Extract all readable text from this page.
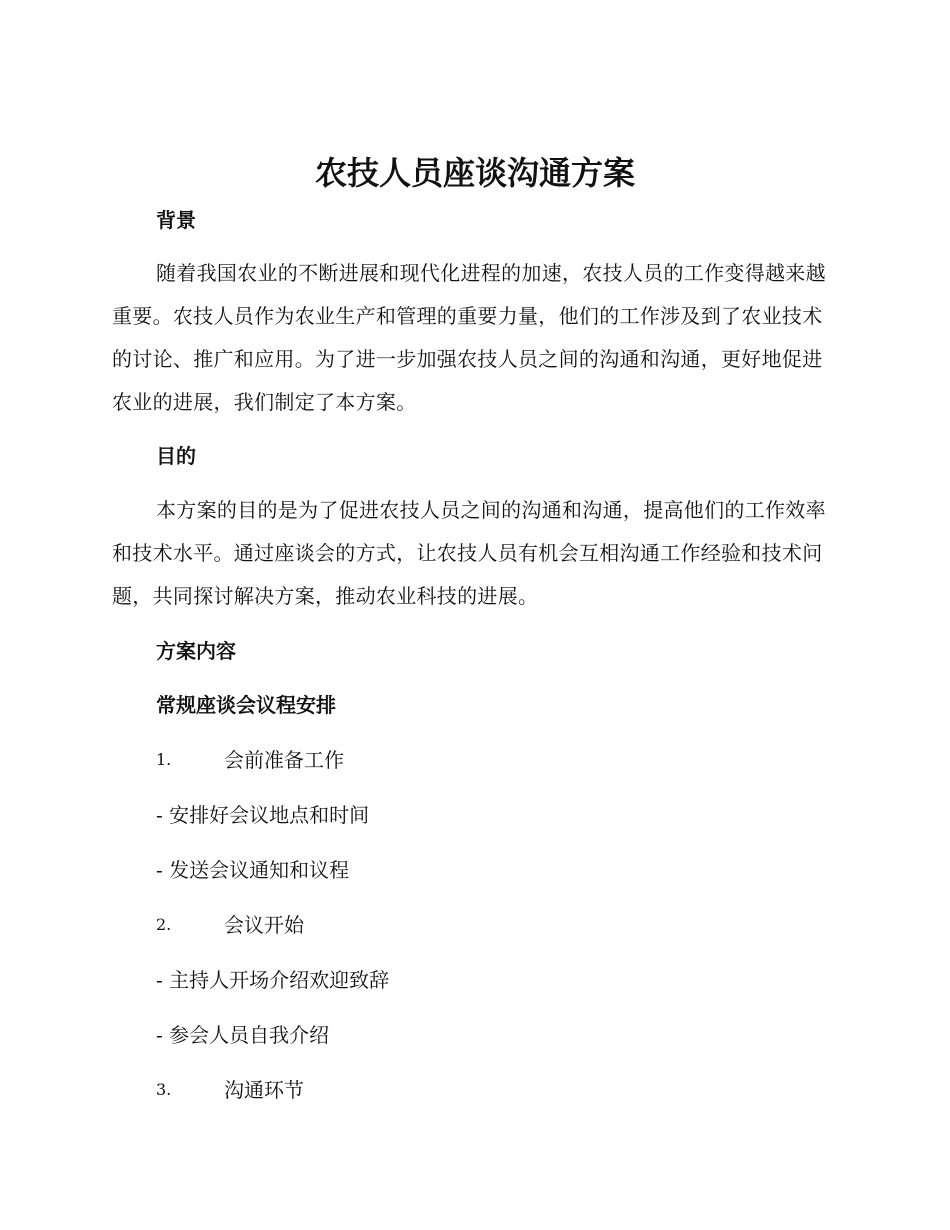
农技人员座谈沟通方案
背景

随着我国农业的不断进展和现代化进程的加速，农技人员的工作变得越来越重要。农技人员作为农业生产和管理的重要力量，他们的工作涉及到了农业技术的讨论、推广和应用。为了进一步加强农技人员之间的沟通和沟通，更好地促进农业的进展，我们制定了本方案。

目的

本方案的目的是为了促进农技人员之间的沟通和沟通，提高他们的工作效率和技术水平。通过座谈会的方式，让农技人员有机会互相沟通工作经验和技术问题，共同探讨解决方案，推动农业科技的进展。

方案内容
常规座谈会议程安排
1.	会前准备工作

- 安排好会议地点和时间

- 发送会议通知和议程

2.	会议开始

- 主持人开场介绍欢迎致辞

- 参会人员自我介绍

3.	沟通环节
